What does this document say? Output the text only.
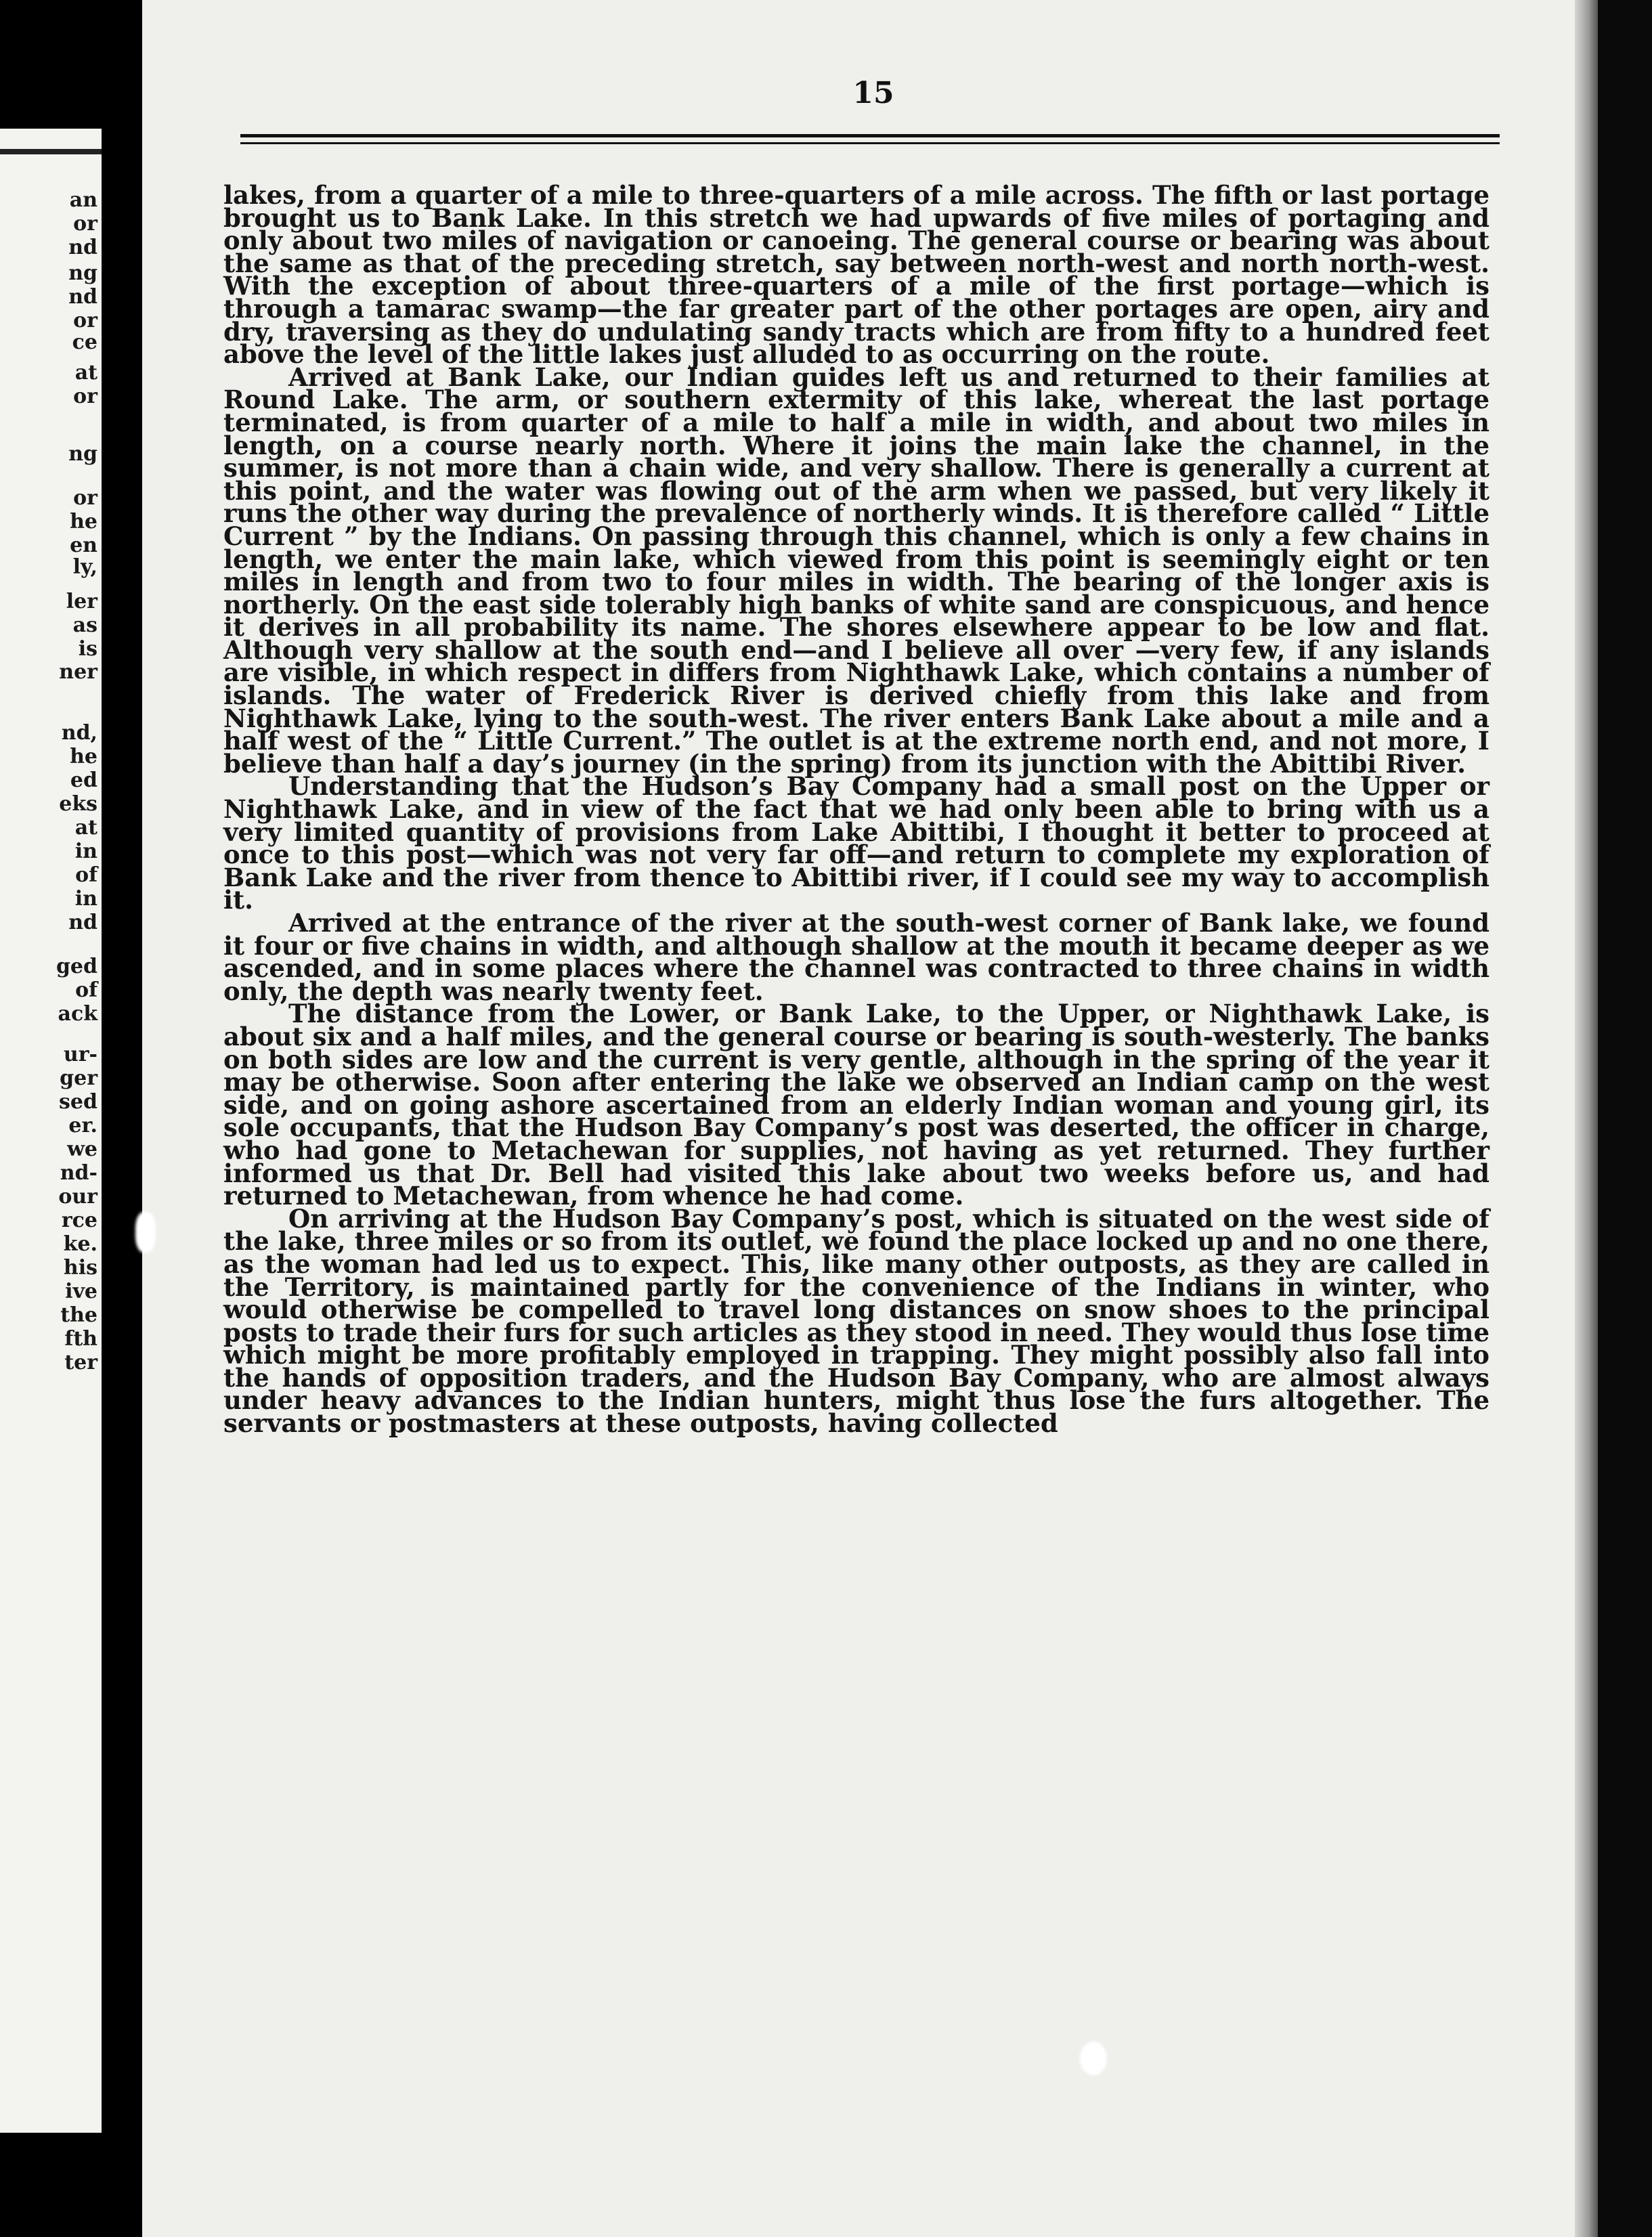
an
or
nd
ng
nd
or
ce
at
or
ng
or
he
en
ly,
ler
as
is
ner
nd,
he
ed
eks
at
in
of
in
nd
ged
of
ack
ur-
ger
sed
er.
we
nd-
our
rce
ke.
his
ive
the
fth
ter
15

lakes, from a quarter of a mile to three-quarters of a mile across. The fifth or last portage brought us to Bank Lake. In this stretch we had upwards of five miles of portaging and only about two miles of navigation or canoeing. The general course or bearing was about the same as that of the preceding stretch, say between north-west and north north-west. With the exception of about three-quarters of a mile of the first portage—which is through a tamarac swamp—the far greater part of the other portages are open, airy and dry, traversing as they do undulating sandy tracts which are from fifty to a hundred feet above the level of the little lakes just alluded to as occurring on the route.

Arrived at Bank Lake, our Indian guides left us and returned to their families at Round Lake. The arm, or southern extermity of this lake, whereat the last portage terminated, is from quarter of a mile to half a mile in width, and about two miles in length, on a course nearly north. Where it joins the main lake the channel, in the summer, is not more than a chain wide, and very shallow. There is generally a current at this point, and the water was flowing out of the arm when we passed, but very likely it runs the other way during the prevalence of northerly winds. It is therefore called “ Little Current ” by the Indians. On passing through this channel, which is only a few chains in length, we enter the main lake, which viewed from this point is seemingly eight or ten miles in length and from two to four miles in width. The bearing of the longer axis is northerly. On the east side tolerably high banks of white sand are conspicuous, and hence it derives in all probability its name. The shores elsewhere appear to be low and flat. Although very shallow at the south end—and I believe all over —very few, if any islands are visible, in which respect in differs from Nighthawk Lake, which contains a number of islands. The water of Frederick River is derived chiefly from this lake and from Nighthawk Lake, lying to the south-west. The river enters Bank Lake about a mile and a half west of the “ Little Current.” The outlet is at the extreme north end, and not more, I believe than half a day’s journey (in the spring) from its junction with the Abittibi River.

Understanding that the Hudson’s Bay Company had a small post on the Upper or Nighthawk Lake, and in view of the fact that we had only been able to bring with us a very limited quantity of provisions from Lake Abittibi, I thought it better to proceed at once to this post—which was not very far off—and return to complete my exploration of Bank Lake and the river from thence to Abittibi river, if I could see my way to accomplish it.

Arrived at the entrance of the river at the south-west corner of Bank lake, we found it four or five chains in width, and although shallow at the mouth it became deeper as we ascended, and in some places where the channel was contracted to three chains in width only, the depth was nearly twenty feet.

The distance from the Lower, or Bank Lake, to the Upper, or Nighthawk Lake, is about six and a half miles, and the general course or bearing is south-westerly. The banks on both sides are low and the current is very gentle, although in the spring of the year it may be otherwise. Soon after entering the lake we observed an Indian camp on the west side, and on going ashore ascertained from an elderly Indian woman and young girl, its sole occupants, that the Hudson Bay Company’s post was deserted, the officer in charge, who had gone to Metachewan for supplies, not having as yet returned. They further informed us that Dr. Bell had visited this lake about two weeks before us, and had returned to Metachewan, from whence he had come.

On arriving at the Hudson Bay Company’s post, which is situated on the west side of the lake, three miles or so from its outlet, we found the place locked up and no one there, as the woman had led us to expect. This, like many other outposts, as they are called in the Territory, is maintained partly for the convenience of the Indians in winter, who would otherwise be compelled to travel long distances on snow shoes to the principal posts to trade their furs for such articles as they stood in need. They would thus lose time which might be more profitably employed in trapping. They might possibly also fall into the hands of opposition traders, and the Hudson Bay Company, who are almost always under heavy advances to the Indian hunters, might thus lose the furs altogether. The servants or postmasters at these outposts, having collected
